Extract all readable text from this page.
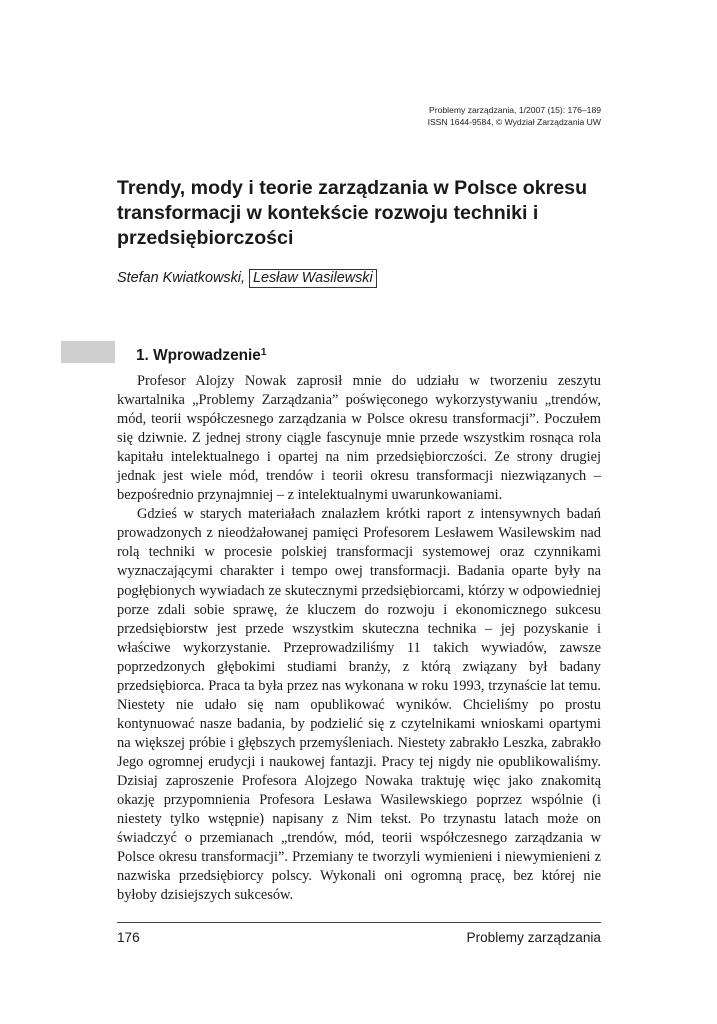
Problemy zarządzania, 1/2007 (15): 176–189
ISSN 1644-9584, © Wydział Zarządzania UW
Trendy, mody i teorie zarządzania w Polsce okresu transformacji w kontekście rozwoju techniki i przedsiębiorczości
Stefan Kwiatkowski, Lesław Wasilewski
1. Wprowadzenie$^1$

Profesor Alojzy Nowak zaprosił mnie do udziału w tworzeniu zeszytu kwartalnika „Problemy Zarządzania” poświęconego wykorzystywaniu „trendów, mód, teorii współczesnego zarządzania w Polsce okresu transformacji”. Poczułem się dziwnie. Z jednej strony ciągle fascynuje mnie przede wszystkim rosnąca rola kapitału intelektualnego i opartej na nim przedsiębiorczości. Ze strony drugiej jednak jest wiele mód, trendów i teorii okresu transformacji niezwiązanych – bezpośrednio przynajmniej – z intelektualnymi uwarunkowaniami.

Gdzieś w starych materiałach znalazłem krótki raport z intensywnych badań prowadzonych z nieodżałowanej pamięci Profesorem Lesławem Wasilewskim nad rolą techniki w procesie polskiej transformacji systemowej oraz czynnikami wyznaczającymi charakter i tempo owej transformacji. Badania oparte były na pogłębionych wywiadach ze skutecznymi przedsiębiorcami, którzy w odpowiedniej porze zdali sobie sprawę, że kluczem do rozwoju i ekonomicznego sukcesu przedsiębiorstw jest przede wszystkim skuteczna technika – jej pozyskanie i właściwe wykorzystanie. Przeprowadziliśmy 11 takich wywiadów, zawsze poprzedzonych głębokimi studiami branży, z którą związany był badany przedsiębiorca. Praca ta była przez nas wykonana w roku 1993, trzynaście lat temu. Niestety nie udało się nam opublikować wyników. Chcieliśmy po prostu kontynuować nasze badania, by podzielić się z czytelnikami wnioskami opartymi na większej próbie i głębszych przemyśleniach. Niestety zabrakło Leszka, zabrakło Jego ogromnej erudycji i naukowej fantazji. Pracy tej nigdy nie opublikowaliśmy. Dzisiaj zaproszenie Profesora Alojzego Nowaka traktuję więc jako znakomitą okazję przypomnienia Profesora Lesława Wasilewskiego poprzez wspólnie (i niestety tylko wstępnie) napisany z Nim tekst. Po trzynastu latach może on świadczyć o przemianach „trendów, mód, teorii współczesnego zarządzania w Polsce okresu transformacji”. Przemiany te tworzyli wymienieni i niewymienieni z nazwiska przedsiębiorcy polscy. Wykonali oni ogromną pracę, bez której nie byłoby dzisiejszych sukcesów.

176	Problemy zarządzania
